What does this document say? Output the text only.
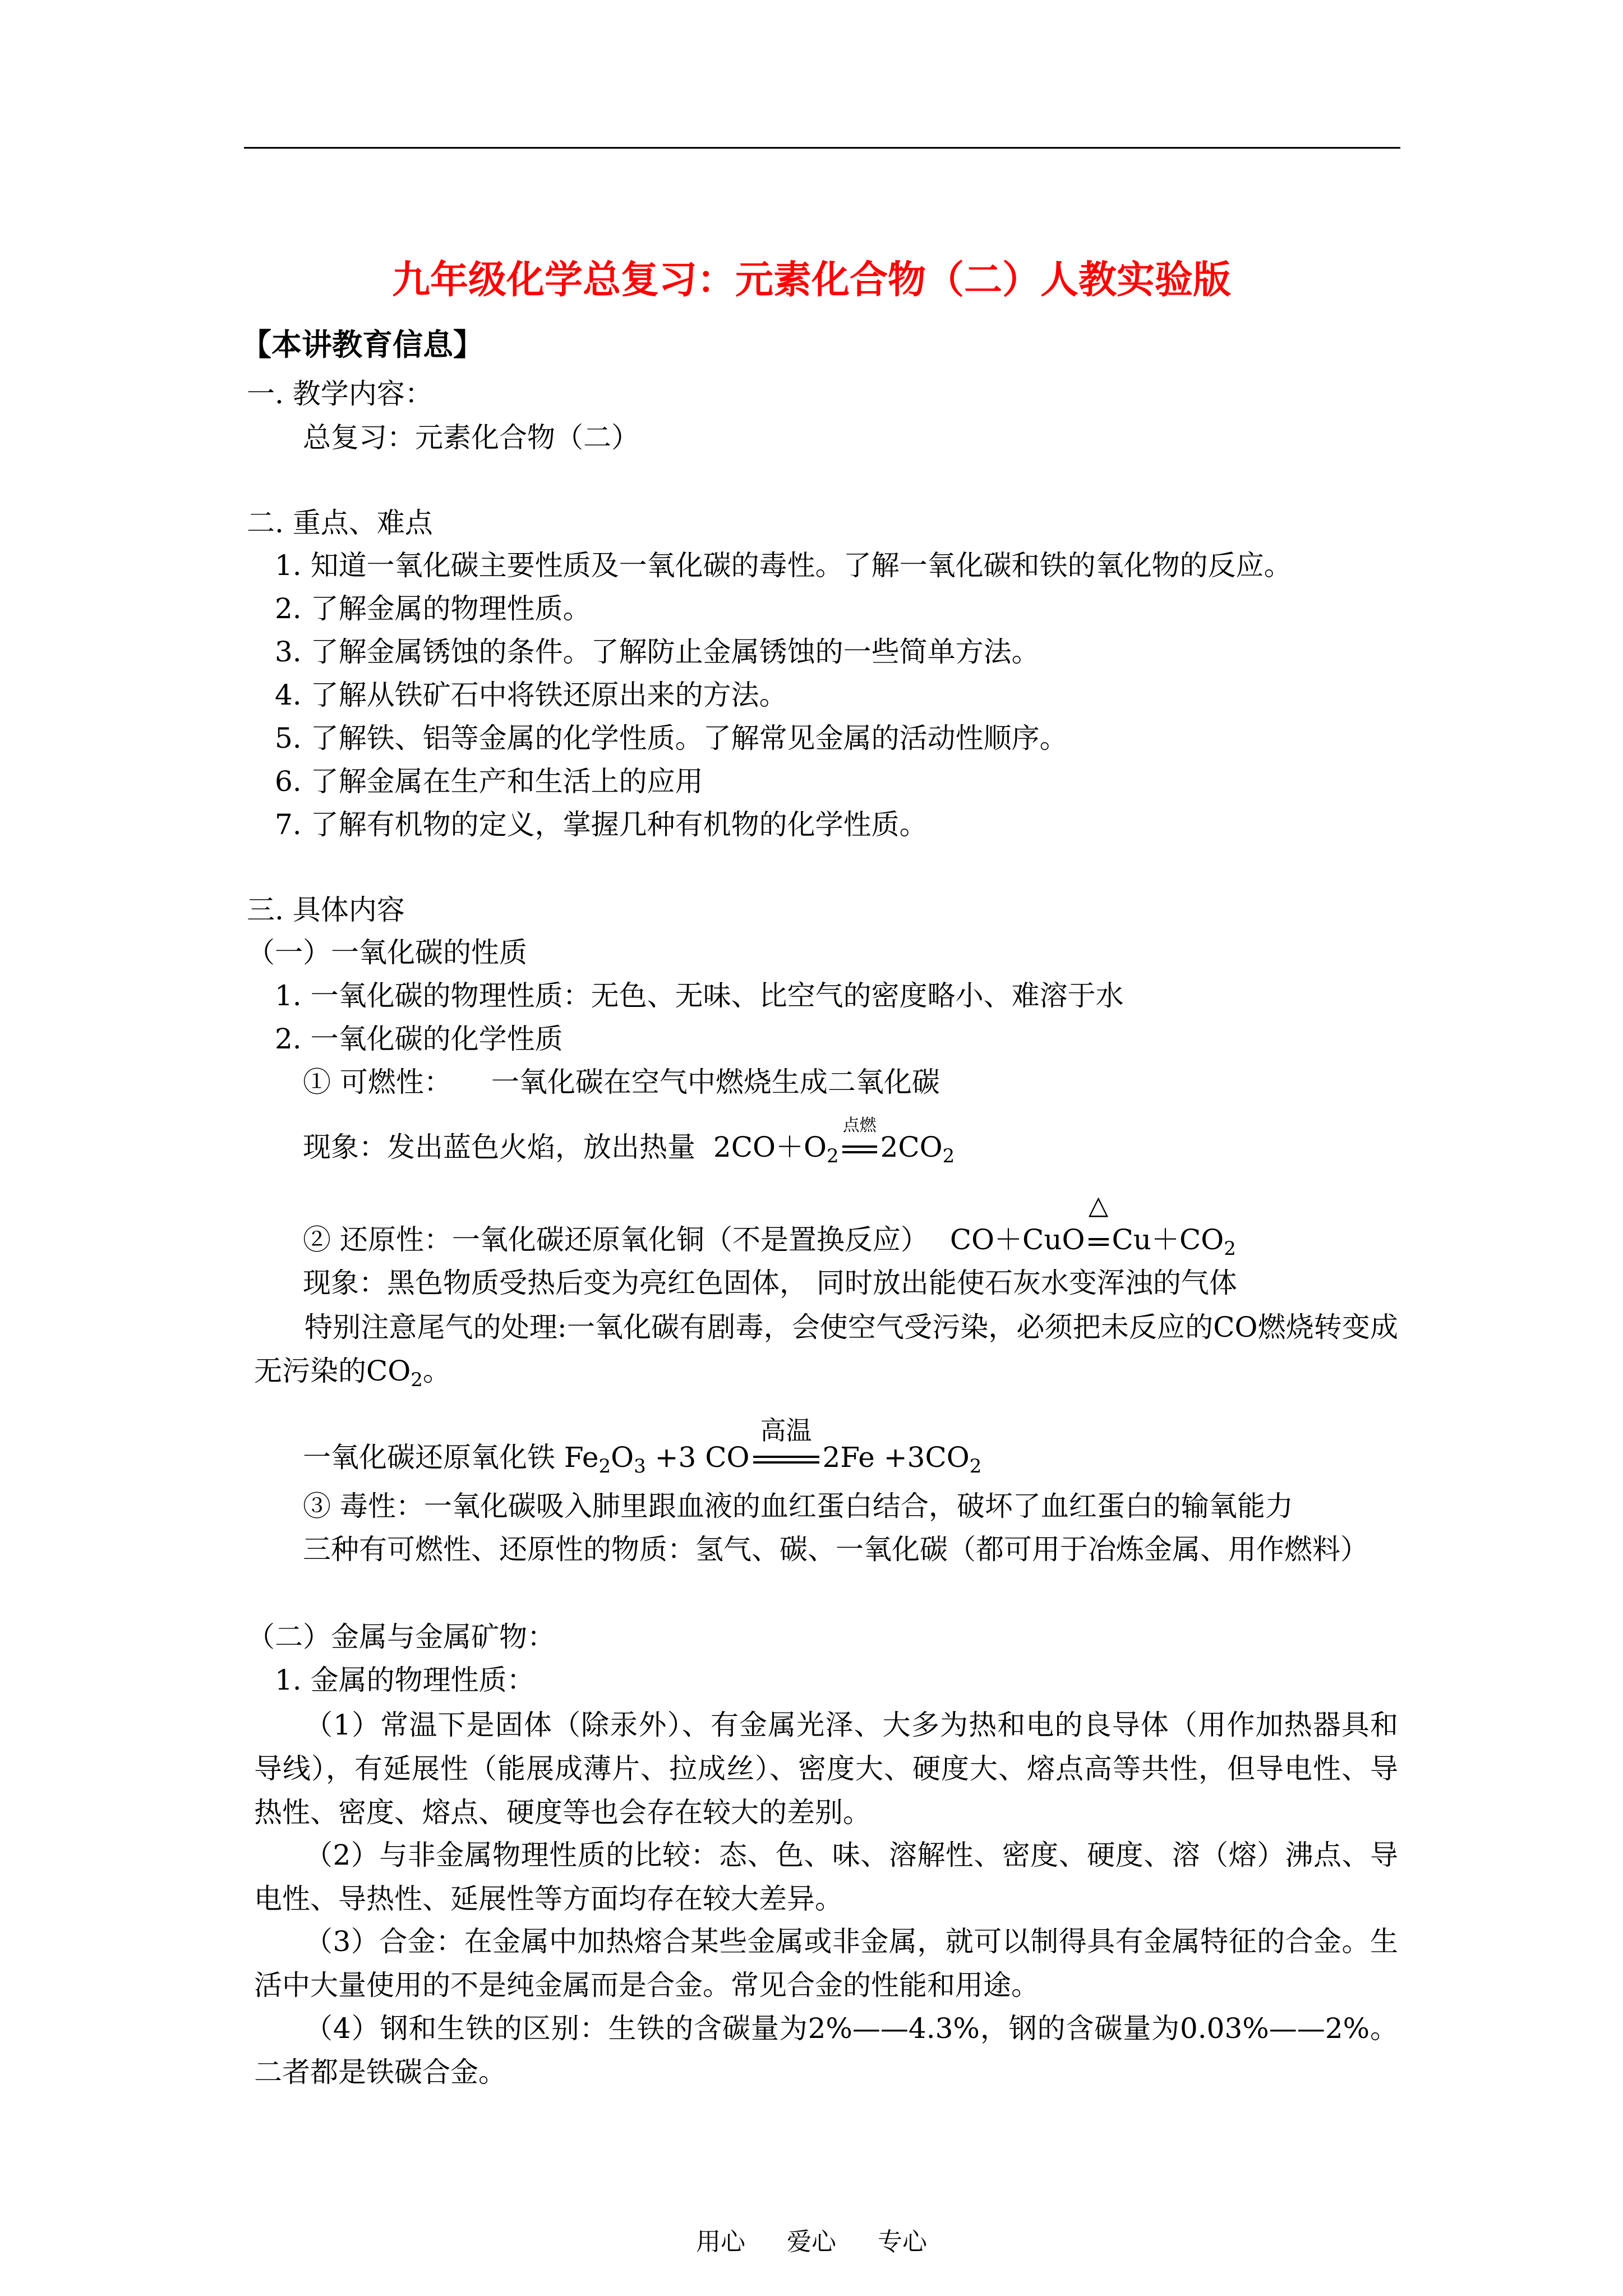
九年级化学总复习：元素化合物（二）人教实验版
【本讲教育信息】
一. 教学内容：
总复习：元素化合物（二）
二. 重点、难点
1. 知道一氧化碳主要性质及一氧化碳的毒性。了解一氧化碳和铁的氧化物的反应。
2. 了解金属的物理性质。
3. 了解金属锈蚀的条件。了解防止金属锈蚀的一些简单方法。
4. 了解从铁矿石中将铁还原出来的方法。
5. 了解铁、铝等金属的化学性质。了解常见金属的活动性顺序。
6. 了解金属在生产和生活上的应用
7. 了解有机物的定义，掌握几种有机物的化学性质。
三. 具体内容
（一）一氧化碳的性质
1. 一氧化碳的物理性质：无色、无味、比空气的密度略小、难溶于水
2. 一氧化碳的化学性质
① 可燃性： 一氧化碳在空气中燃烧生成二氧化碳
现象：发出蓝色火焰，放出热量 $2CO+O_2$
点燃
$2CO_2$
② 还原性：一氧化碳还原氧化铜（不是置换反应） CO＋CuO
△
$Cu+CO_2$
现象：黑色物质受热后变为亮红色固体， 同时放出能使石灰水变浑浊的气体
特别注意尾气的处理:一氧化碳有剧毒，会使空气受污染，必须把未反应的CO燃烧转变成无污染的$CO_2$。
一氧化碳还原氧化铁 $Fe_2O_3 +3$ CO
高温
$2Fe +3CO_2$
③ 毒性：一氧化碳吸入肺里跟血液的血红蛋白结合，破坏了血红蛋白的输氧能力
三种有可燃性、还原性的物质：氢气、碳、一氧化碳（都可用于冶炼金属、用作燃料）
（二）金属与金属矿物：
1. 金属的物理性质：
（1）常温下是固体（除汞外）、有金属光泽、大多为热和电的良导体（用作加热器具和导线），有延展性（能展成薄片、拉成丝）、密度大、硬度大、熔点高等共性，但导电性、导热性、密度、熔点、硬度等也会存在较大的差别。
（2）与非金属物理性质的比较：态、色、味、溶解性、密度、硬度、溶（熔）沸点、导电性、导热性、延展性等方面均存在较大差异。
（3）合金：在金属中加热熔合某些金属或非金属，就可以制得具有金属特征的合金。生活中大量使用的不是纯金属而是合金。常见合金的性能和用途。
（4）钢和生铁的区别：生铁的含碳量为2%——4.3%，钢的含碳量为0.03%——2%。二者都是铁碳合金。
用心 爱心 专心
